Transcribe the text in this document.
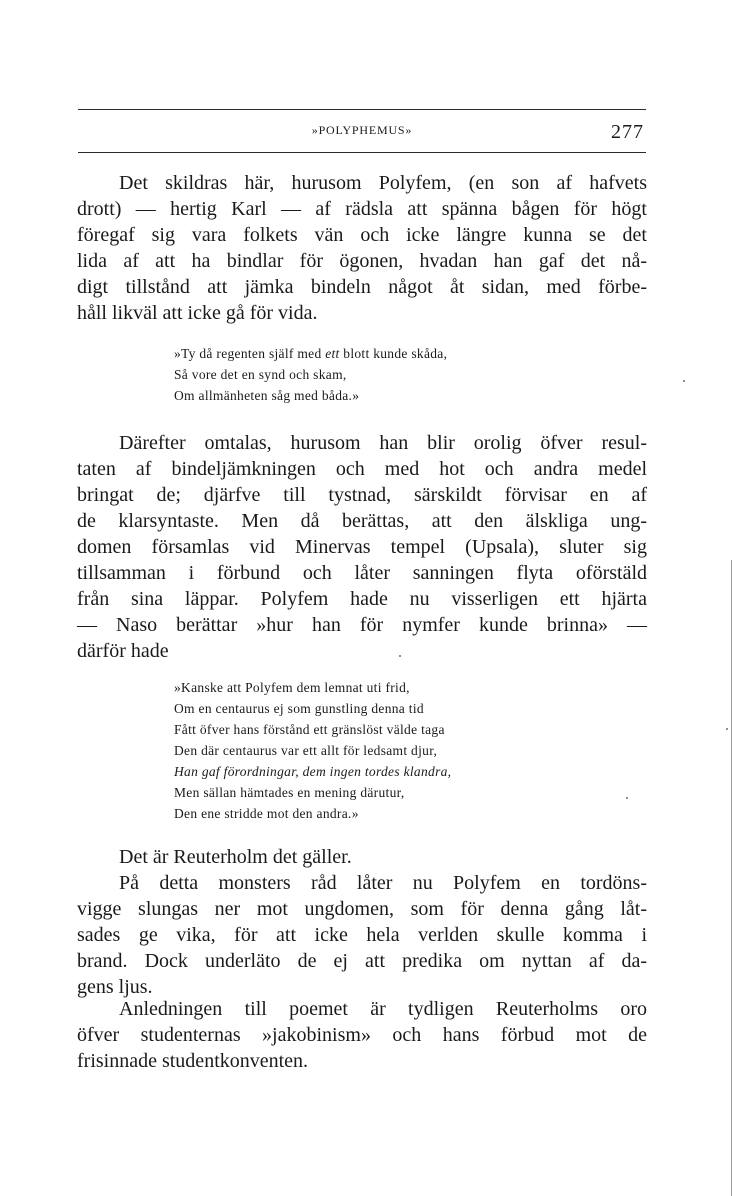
»POLYPHEMUS»	277
Det skildras här, hurusom Polyfem, (en son af hafvets
drott) — hertig Karl — af rädsla att spänna bågen för högt
föregaf sig vara folkets vän och icke längre kunna se det
lida af att ha bindlar för ögonen, hvadan han gaf det nå-
digt tillstånd att jämka bindeln något åt sidan, med förbe-
håll likväl att icke gå för vida.
»Ty då regenten själf med ett blott kunde skåda,
Så vore det en synd och skam,
Om allmänheten såg med båda.»
Därefter omtalas, hurusom han blir orolig öfver resul-
taten af bindeljämkningen och med hot och andra medel
bringat de; djärfve till tystnad, särskildt förvisar en af
de klarsyntaste. Men då berättas, att den älskliga ung-
domen församlas vid Minervas tempel (Upsala), sluter sig
tillsamman i förbund och låter sanningen flyta oförstäld
från sina läppar. Polyfem hade nu visserligen ett hjärta
— Naso berättar »hur han för nymfer kunde brinna» —
därför hade
»Kanske att Polyfem dem lemnat uti frid,
Om en centaurus ej som gunstling denna tid
Fått öfver hans förstånd ett gränslöst välde taga
Den där centaurus var ett allt för ledsamt djur,
Han gaf förordningar, dem ingen tordes klandra,
Men sällan hämtades en mening därutur,
Den ene stridde mot den andra.»
Det är Reuterholm det gäller.
På detta monsters råd låter nu Polyfem en tordöns-
vigge slungas ner mot ungdomen, som för denna gång låt-
sades ge vika, för att icke hela verlden skulle komma i
brand. Dock underläto de ej att predika om nyttan af da-
gens ljus.
Anledningen till poemet är tydligen Reuterholms oro
öfver studenternas »jakobinism» och hans förbud mot de
frisinnade studentkonventen.
